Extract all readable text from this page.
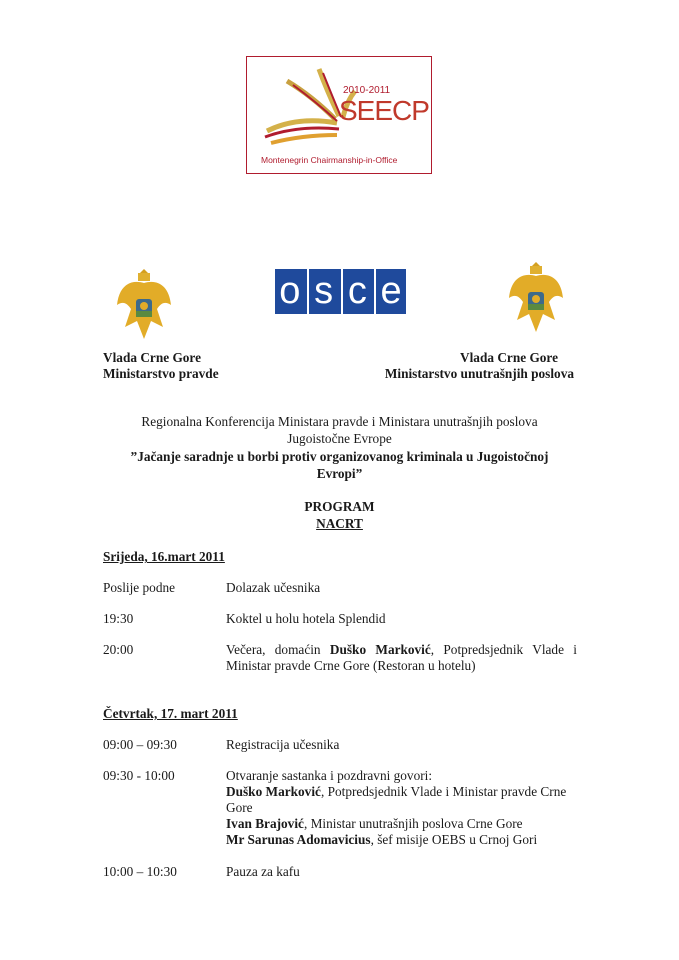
2010-2011
SEECP
Montenegrin Chairmanship-in-Office
o s c e
Vlada Crne Gore
Ministarstvo pravde
Vlada Crne Gore
Ministarstvo unutrašnjih poslova
Regionalna Konferencija Ministara pravde i Ministara unutrašnjih poslova
Jugoistočne Evrope
”Jačanje saradnje u borbi protiv organizovanog kriminala u Jugoistočnoj
Evropi”
PROGRAM
NACRT
Srijeda, 16.mart 2011
Poslije podne	Dolazak učesnika
19:30	Koktel u holu hotela Splendid
20:00	Večera, domaćin Duško Marković, Potpredsjednik Vlade i Ministar pravde Crne Gore (Restoran u hotelu)
Četvrtak, 17. mart 2011
09:00 – 09:30	Registracija učesnika
09:30 - 10:00	Otvaranje sastanka i pozdravni govori:
Duško Marković, Potpredsjednik Vlade i Ministar pravde Crne Gore
Ivan Brajović, Ministar unutrašnjih poslova Crne Gore
Mr Sarunas Adomavicius, šef misije OEBS u Crnoj Gori
10:00 – 10:30	Pauza za kafu
